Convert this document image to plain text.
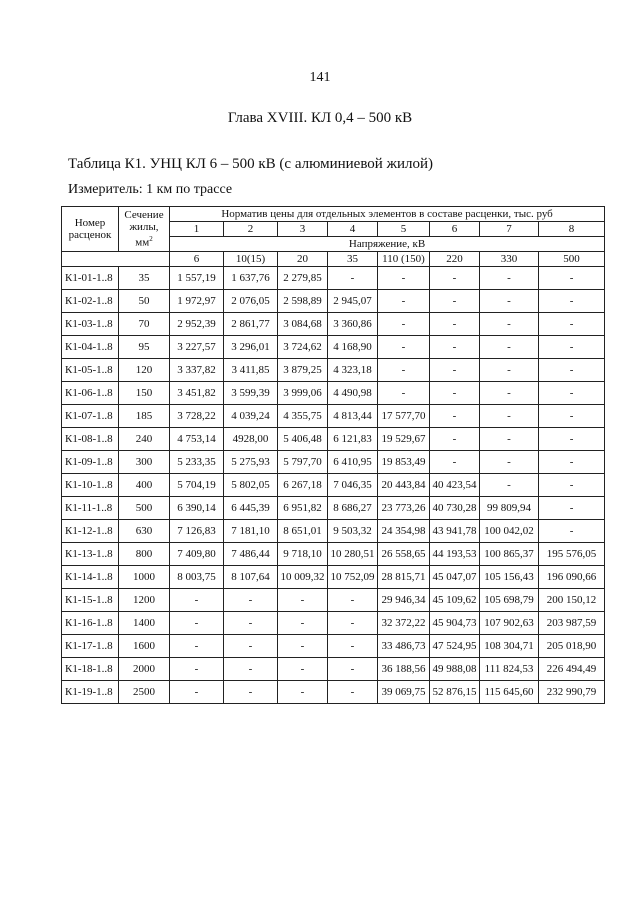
141
Глава XVIII. КЛ 0,4 – 500 кВ
Таблица К1. УНЦ КЛ 6 – 500 кВ (с алюминиевой жилой)
Измеритель: 1 км по трассе
Номер расценок	Сечение жилы, $мм^2$	Норматив цены для отдельных элементов в составе расценки, тыс. руб							
		1	2	3	4	5	6	7	8
		Напряжение, кВ							
		6	10(15)	20	35	110 (150)	220	330	500
К1-01-1..8	35	1 557,19	1 637,76	2 279,85	-	-	-	-	-
К1-02-1..8	50	1 972,97	2 076,05	2 598,89	2 945,07	-	-	-	-
К1-03-1..8	70	2 952,39	2 861,77	3 084,68	3 360,86	-	-	-	-
К1-04-1..8	95	3 227,57	3 296,01	3 724,62	4 168,90	-	-	-	-
К1-05-1..8	120	3 337,82	3 411,85	3 879,25	4 323,18	-	-	-	-
К1-06-1..8	150	3 451,82	3 599,39	3 999,06	4 490,98	-	-	-	-
К1-07-1..8	185	3 728,22	4 039,24	4 355,75	4 813,44	17 577,70	-	-	-
К1-08-1..8	240	4 753,14	4928,00	5 406,48	6 121,83	19 529,67	-	-	-
К1-09-1..8	300	5 233,35	5 275,93	5 797,70	6 410,95	19 853,49	-	-	-
К1-10-1..8	400	5 704,19	5 802,05	6 267,18	7 046,35	20 443,84	40 423,54	-	-
К1-11-1..8	500	6 390,14	6 445,39	6 951,82	8 686,27	23 773,26	40 730,28	99 809,94	-
К1-12-1..8	630	7 126,83	7 181,10	8 651,01	9 503,32	24 354,98	43 941,78	100 042,02	-
К1-13-1..8	800	7 409,80	7 486,44	9 718,10	10 280,51	26 558,65	44 193,53	100 865,37	195 576,05
К1-14-1..8	1000	8 003,75	8 107,64	10 009,32	10 752,09	28 815,71	45 047,07	105 156,43	196 090,66
К1-15-1..8	1200	-	-	-	-	29 946,34	45 109,62	105 698,79	200 150,12
К1-16-1..8	1400	-	-	-	-	32 372,22	45 904,73	107 902,63	203 987,59
К1-17-1..8	1600	-	-	-	-	33 486,73	47 524,95	108 304,71	205 018,90
К1-18-1..8	2000	-	-	-	-	36 188,56	49 988,08	111 824,53	226 494,49
К1-19-1..8	2500	-	-	-	-	39 069,75	52 876,15	115 645,60	232 990,79
